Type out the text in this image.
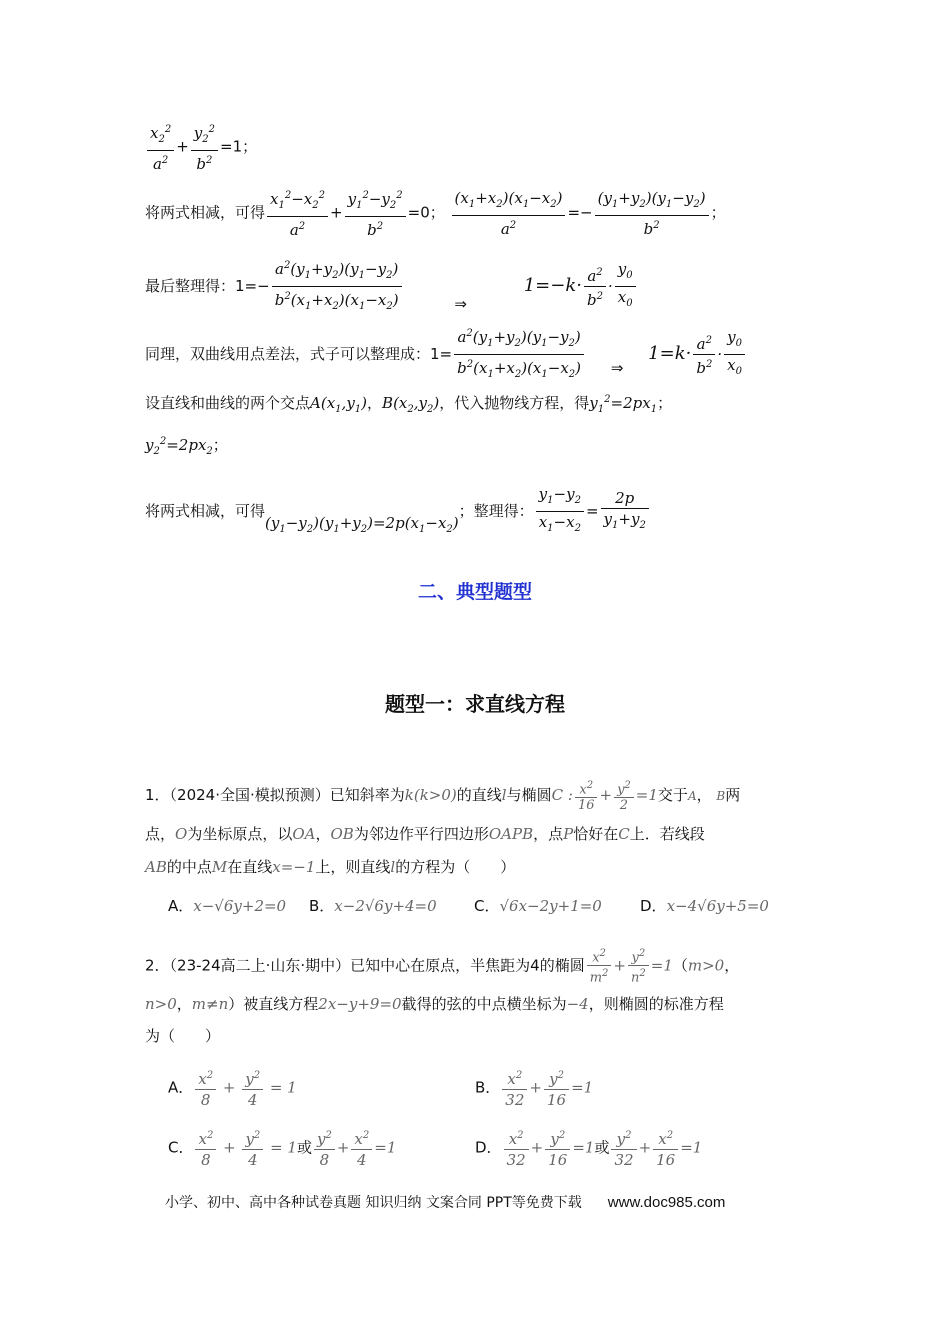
$\frac{x_2^2}{a^2} + \frac{y_2^2}{b^2} =1$；
将两式相减，可得 $\frac{x_1^2-x_2^2}{a^2} + \frac{y_1^2-y_2^2}{b^2} =0$； $\frac{(x_1+x_2)(x_1-x_2)}{a^2} =- \frac{(y_1+y_2)(y_1-y_2)}{b^2}$ ；
最后整理得：$1=- \frac{a^2(y_1+y_2)(y_1-y_2)}{b^2(x_1+x_2)(x_1-x_2)}$	⇒ $1=-k\cdot \frac{a^2}{b^2} \cdot \frac{y_0}{x_0}$
同理，双曲线用点差法，式子可以整理成：$1= \frac{a^2(y_1+y_2)(y_1-y_2)}{b^2(x_1+x_2)(x_1-x_2)}$ ⇒ $1=k\cdot \frac{a^2}{b^2} \cdot \frac{y_0}{x_0}$
设直线和曲线的两个交点$A(x_1,y_1)$，$B(x_2,y_2)$，代入抛物线方程，得$y_1^2=2px_1$；
$y_2^2=2px_2$；
将两式相减，可得$(y_1-y_2)(y_1+y_2)=2p(x_1-x_2)$；整理得： $\frac{y_1-y_2}{x_1-x_2} = \frac{2p}{y_1+y_2}$
二、典型题型
题型一：求直线方程
1．（2024·全国·模拟预测）已知斜率为k(k>0)的直线l与椭圆C : $\frac{x^2}{16} + \frac{y^2}{2} =1$交于A， B两
点，O为坐标原点，以OA，OB为邻边作平行四边形OAPB，点P恰好在C上．若线段
AB的中点M在直线x=−1上，则直线l的方程为（　　）
A．x−√6y+2=0 B．x−2√6y+4=0 C．√6x−2y+1=0	D．x−4√6y+5=0
2．（23-24高二上·山东·期中）已知中心在原点，半焦距为4的椭圆 $\frac{x^2}{m^2} + \frac{y^2}{n^2} =1(m>0$，
n>0，m≠n）被直线方程2x−y+9=0截得的弦的中点横坐标为−4，则椭圆的标准方程
为（　　）
A． $\frac{x^2}{8} + \frac{y^2}{4} = 1$	B． $\frac{x^2}{32} + \frac{y^2}{16} =1$
C． $\frac{x^2}{8} + \frac{y^2}{4} = 1$或 $\frac{y^2}{8} + \frac{x^2}{4} =1$	D． $\frac{x^2}{32} + \frac{y^2}{16} =1$或 $\frac{y^2}{32} + \frac{x^2}{16} =1$
小学、初中、高中各种试卷真题 知识归纳 文案合同 PPT等免费下载 www.doc985.com
